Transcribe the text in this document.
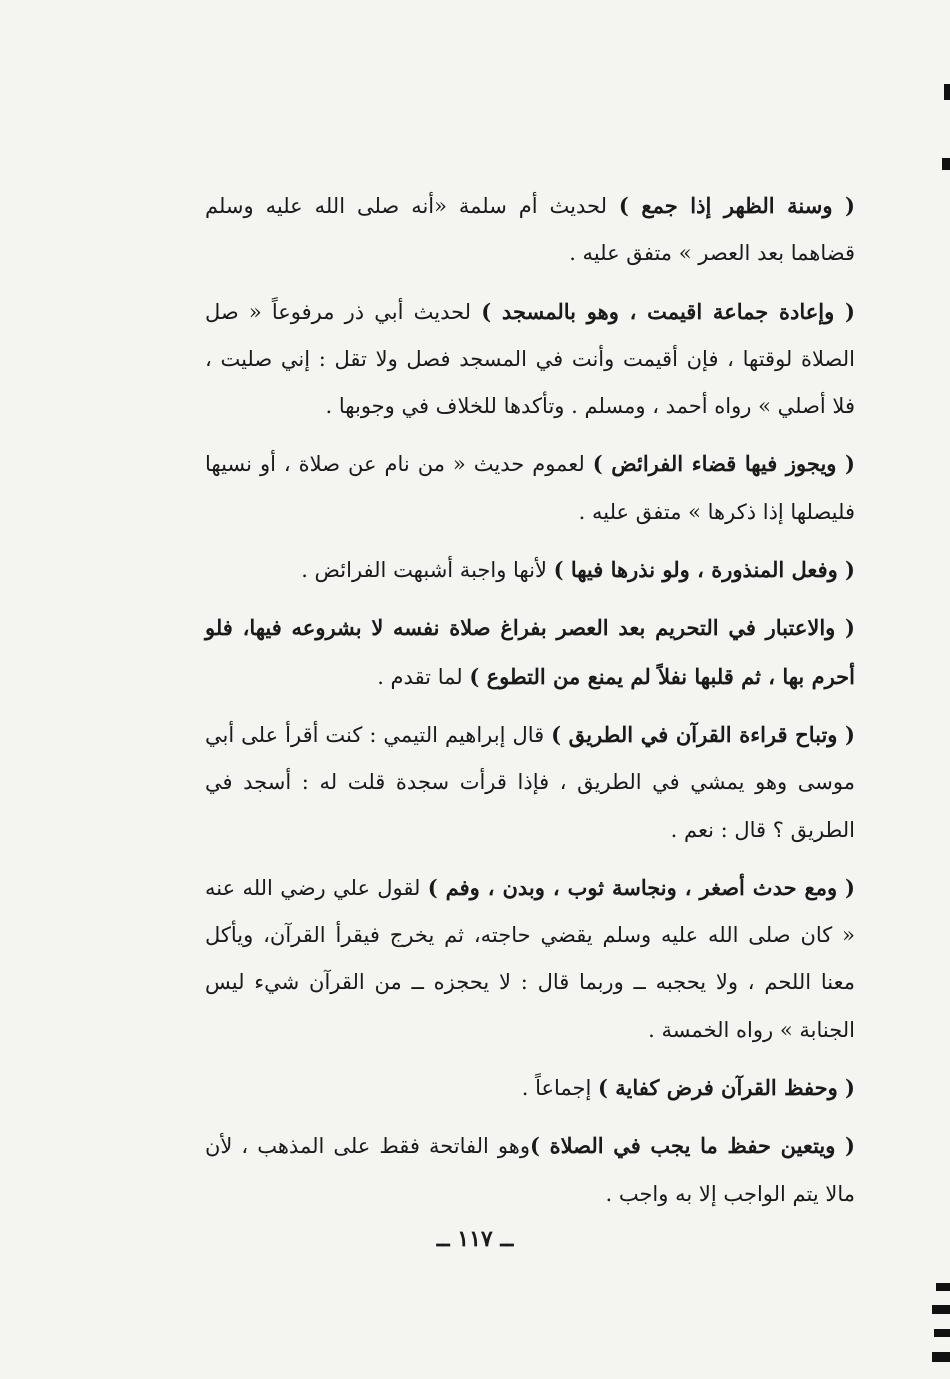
( وسنة الظهر إذا جمع ) لحديث أم سلمة «أنه صلى الله عليه وسلم قضاهما بعد العصر » متفق عليه .

( وإعادة جماعة اقيمت ، وهو بالمسجد ) لحديث أبي ذر مرفوعاً « صل الصلاة لوقتها ، فإن أقيمت وأنت في المسجد فصل ولا تقل : إني صليت ، فلا أصلي » رواه أحمد ، ومسلم . وتأكدها للخلاف في وجوبها .

( ويجوز فيها قضاء الفرائض ) لعموم حديث « من نام عن صلاة ، أو نسيها فليصلها إذا ذكرها » متفق عليه .

( وفعل المنذورة ، ولو نذرها فيها ) لأنها واجبة أشبهت الفرائض .

( والاعتبار في التحريم بعد العصر بفراغ صلاة نفسه لا بشروعه فيها، فلو أحرم بها ، ثم قلبها نفلاً لم يمنع من التطوع ) لما تقدم .

( وتباح قراءة القرآن في الطريق ) قال إبراهيم التيمي : كنت أقرأ على أبي موسى وهو يمشي في الطريق ، فإذا قرأت سجدة قلت له : أسجد في الطريق ؟ قال : نعم .

( ومع حدث أصغر ، ونجاسة ثوب ، وبدن ، وفم ) لقول علي رضي الله عنه « كان صلى الله عليه وسلم يقضي حاجته، ثم يخرج فيقرأ القرآن، ويأكل معنا اللحم ، ولا يحجبه ــ وربما قال : لا يحجزه ــ من القرآن شيء ليس الجنابة » رواه الخمسة .

( وحفظ القرآن فرض كفاية ) إجماعاً .

( ويتعين حفظ ما يجب في الصلاة )وهو الفاتحة فقط على المذهب ، لأن مالا يتم الواجب إلا به واجب .

ــ ١١٧ ــ
